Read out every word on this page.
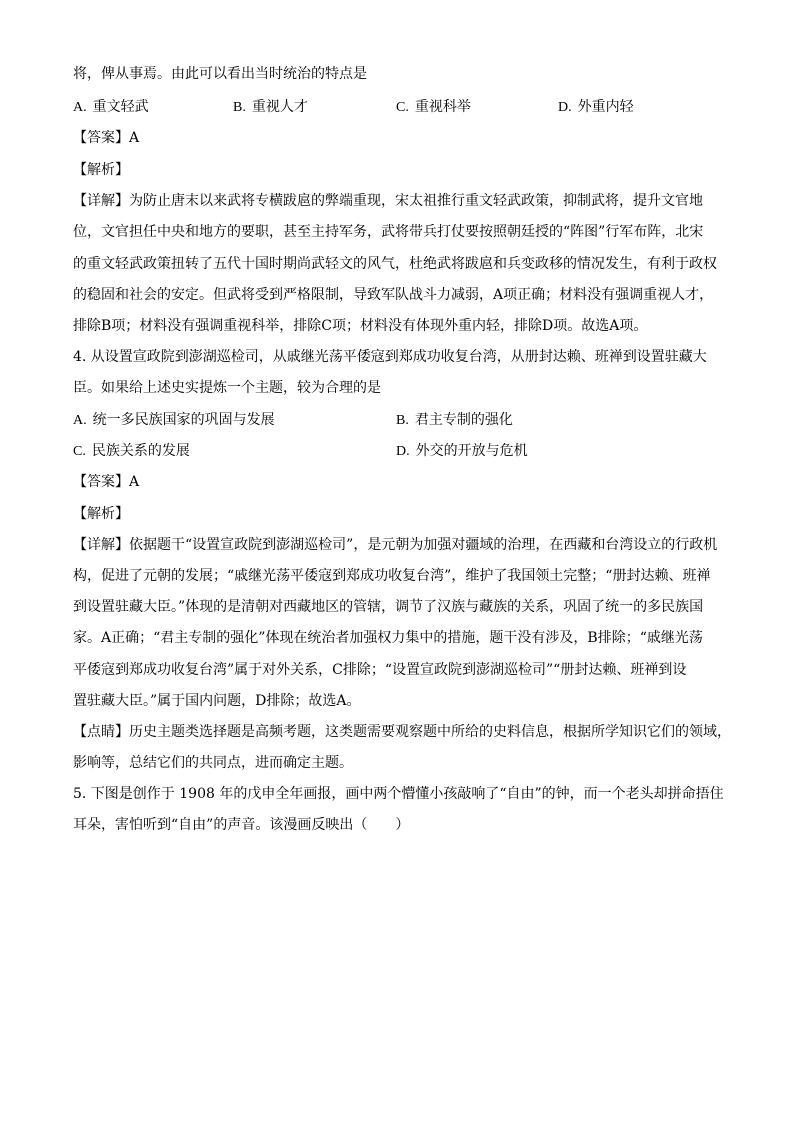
将，俾从事焉。由此可以看出当时统治的特点是
A. 重文轻武	B. 重视人才	C. 重视科举	D. 外重内轻
【答案】A
【解析】
【详解】为防止唐末以来武将专横跋扈的弊端重现，宋太祖推行重文轻武政策，抑制武将，提升文官地
位，文官担任中央和地方的要职，甚至主持军务，武将带兵打仗要按照朝廷授的“阵图”行军布阵，北宋
的重文轻武政策扭转了五代十国时期尚武轻文的风气，杜绝武将跋扈和兵变政移的情况发生，有利于政权
的稳固和社会的安定。但武将受到严格限制，导致军队战斗力减弱，A项正确；材料没有强调重视人才，
排除B项；材料没有强调重视科举，排除C项；材料没有体现外重内轻，排除D项。故选A项。
4. 从设置宣政院到澎湖巡检司，从戚继光荡平倭寇到郑成功收复台湾，从册封达赖、班禅到设置驻藏大
臣。如果给上述史实提炼一个主题，较为合理的是
A. 统一多民族国家的巩固与发展	B. 君主专制的强化
C. 民族关系的发展	D. 外交的开放与危机
【答案】A
【解析】
【详解】依据题干“设置宣政院到澎湖巡检司”，是元朝为加强对疆域的治理，在西藏和台湾设立的行政机
构，促进了元朝的发展；“戚继光荡平倭寇到郑成功收复台湾”，维护了我国领土完整；“册封达赖、班禅
到设置驻藏大臣。”体现的是清朝对西藏地区的管辖，调节了汉族与藏族的关系，巩固了统一的多民族国
家。A正确；“君主专制的强化”体现在统治者加强权力集中的措施，题干没有涉及，B排除；“戚继光荡
平倭寇到郑成功收复台湾”属于对外关系，C排除；“设置宣政院到澎湖巡检司”“册封达赖、班禅到设
置驻藏大臣。”属于国内问题，D排除；故选A。
【点睛】历史主题类选择题是高频考题，这类题需要观察题中所给的史料信息，根据所学知识它们的领域，
影响等，总结它们的共同点，进而确定主题。
5. 下图是创作于 1908 年的戊申全年画报，画中两个懵懂小孩敲响了“自由”的钟，而一个老头却拼命捂住
耳朵，害怕听到“自由”的声音。该漫画反映出（　　）
